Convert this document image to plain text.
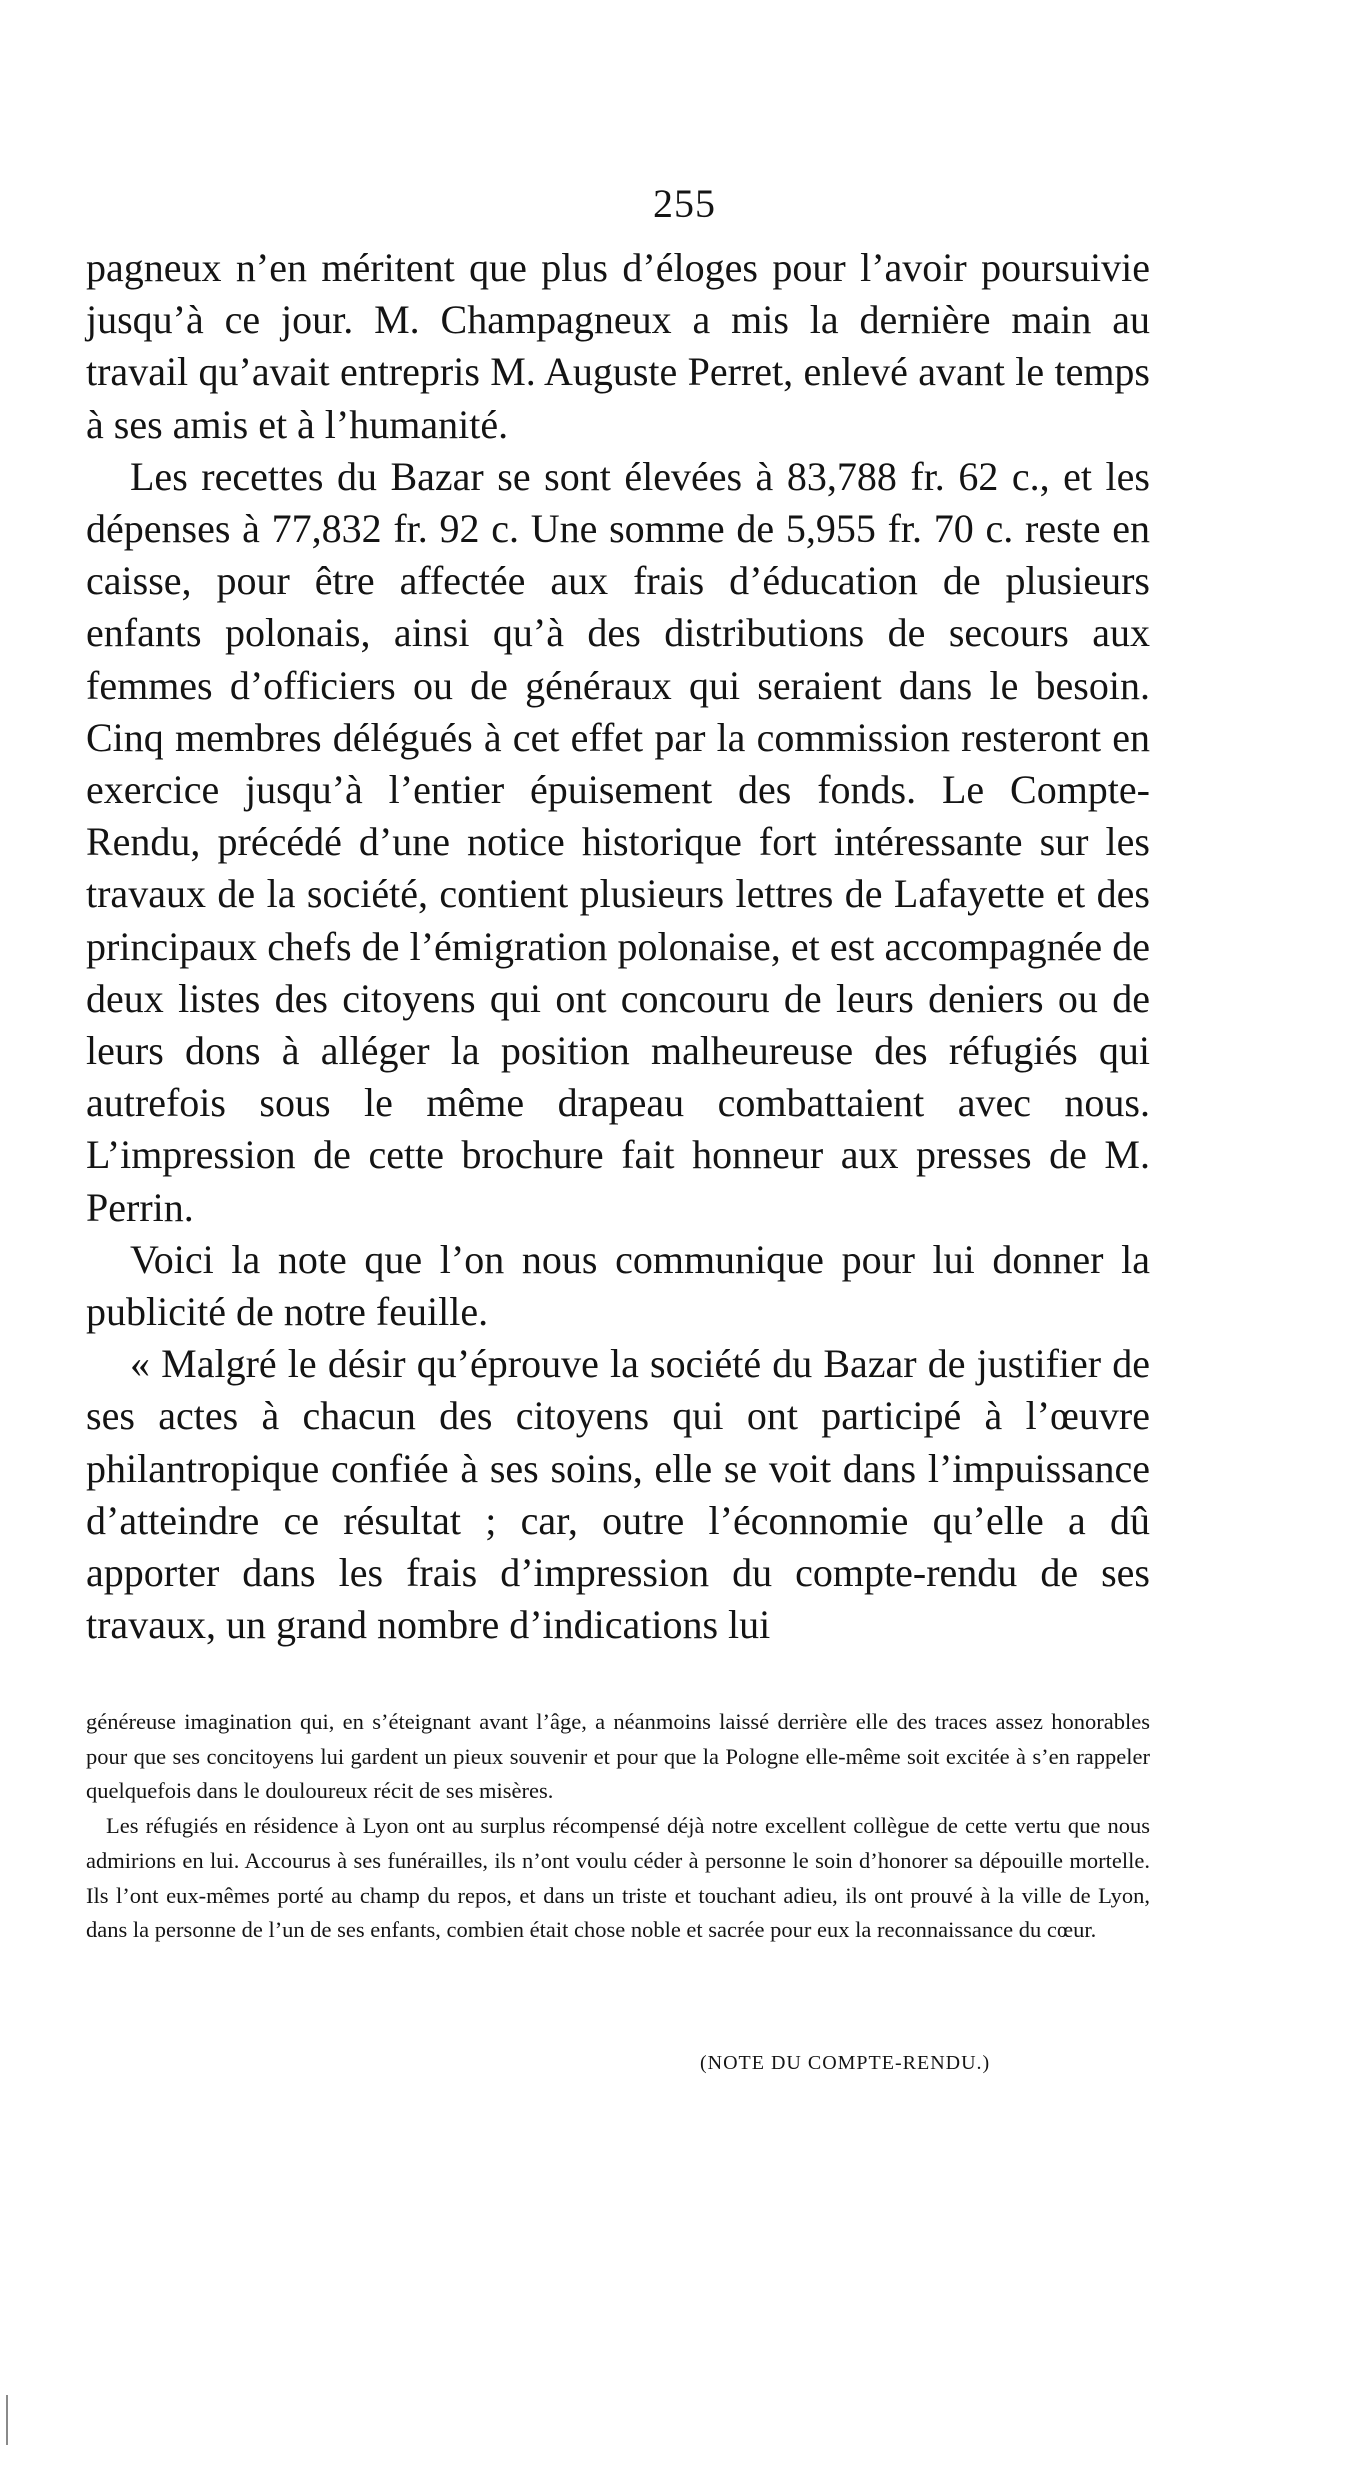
255

pagneux n’en méritent que plus d’éloges pour l’avoir poursuivie jusqu’à ce jour. M. Champagneux a mis la dernière main au travail qu’avait entrepris M. Auguste Perret, enlevé avant le temps à ses amis et à l’humanité.

Les recettes du Bazar se sont élevées à 83,788 fr. 62 c., et les dépenses à 77,832 fr. 92 c. Une somme de 5,955 fr. 70 c. reste en caisse, pour être affectée aux frais d’éducation de plusieurs enfants polonais, ainsi qu’à des distributions de secours aux femmes d’officiers ou de généraux qui seraient dans le besoin. Cinq membres délégués à cet effet par la commission resteront en exercice jusqu’à l’entier épuisement des fonds. Le Compte-Rendu, précédé d’une notice historique fort intéressante sur les travaux de la société, contient plusieurs lettres de Lafayette et des principaux chefs de l’émigration polonaise, et est accompagnée de deux listes des citoyens qui ont concouru de leurs deniers ou de leurs dons à alléger la position malheureuse des réfugiés qui autrefois sous le même drapeau combattaient avec nous. L’impression de cette brochure fait honneur aux presses de M. Perrin.

Voici la note que l’on nous communique pour lui donner la publicité de notre feuille.

« Malgré le désir qu’éprouve la société du Bazar de justifier de ses actes à chacun des citoyens qui ont participé à l’œuvre philantropique confiée à ses soins, elle se voit dans l’impuissance d’atteindre ce résultat ; car, outre l’éconnomie qu’elle a dû apporter dans les frais d’impression du compte-rendu de ses travaux, un grand nombre d’indications lui

généreuse imagination qui, en s’éteignant avant l’âge, a néanmoins laissé derrière elle des traces assez honorables pour que ses concitoyens lui gardent un pieux souvenir et pour que la Pologne elle-même soit excitée à s’en rappeler quelquefois dans le douloureux récit de ses misères.

Les réfugiés en résidence à Lyon ont au surplus récompensé déjà notre excellent collègue de cette vertu que nous admirions en lui. Accourus à ses funérailles, ils n’ont voulu céder à personne le soin d’honorer sa dépouille mortelle. Ils l’ont eux-mêmes porté au champ du repos, et dans un triste et touchant adieu, ils ont prouvé à la ville de Lyon, dans la personne de l’un de ses enfants, combien était chose noble et sacrée pour eux la reconnaissance du cœur.

(NOTE DU COMPTE-RENDU.)
